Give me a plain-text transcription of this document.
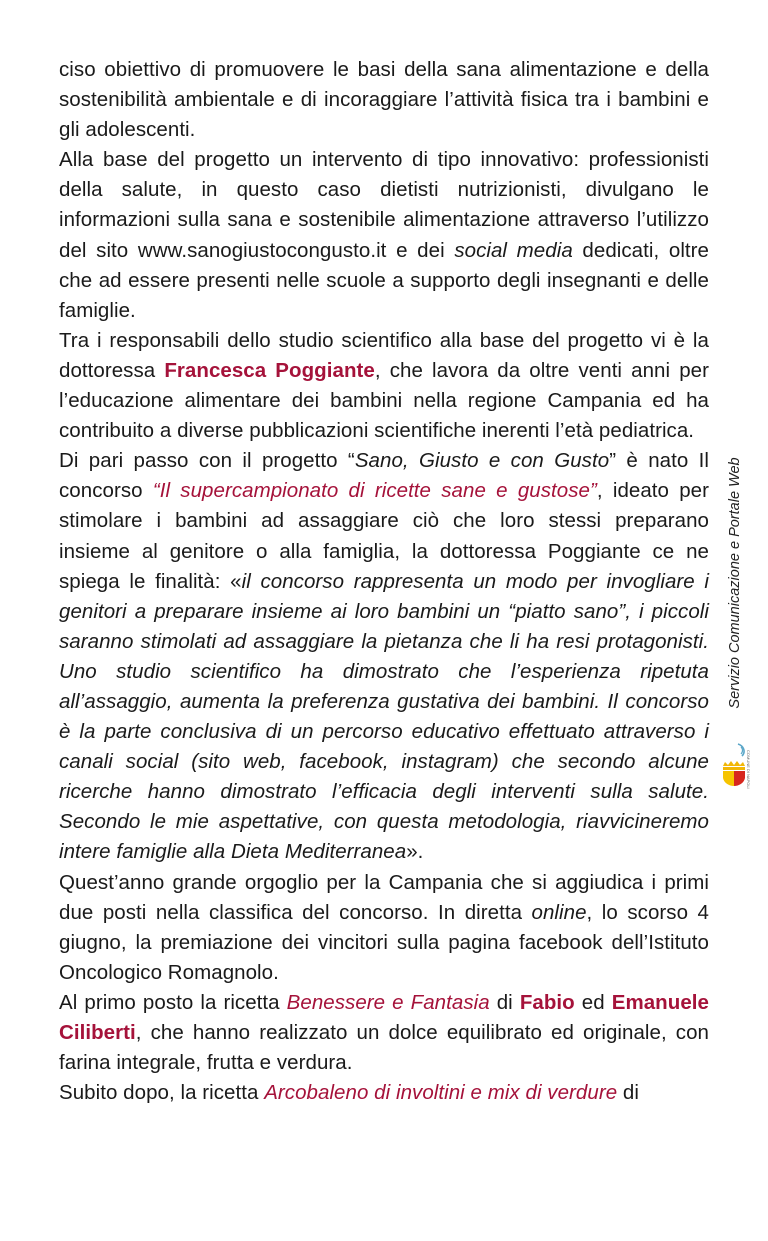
ciso obiettivo di promuovere le basi della sana alimentazione e della sostenibilità ambientale e di incoraggiare l’attività fisica tra i bambini e gli adolescenti.

Alla base del progetto un intervento di tipo innovativo: professionisti della salute, in questo caso dietisti nutrizionisti, divulgano le informazioni sulla sana e sostenibile alimentazione attraverso l’utilizzo del sito www.sanogiustocongusto.it e dei social media dedicati, oltre che ad essere presenti nelle scuole a supporto degli insegnanti e delle famiglie.

Tra i responsabili dello studio scientifico alla base del progetto vi è la dottoressa Francesca Poggiante, che lavora da oltre venti anni per l’educazione alimentare dei bambini nella regione Campania ed ha contribuito a diverse pubblicazioni scientifiche inerenti l’età pediatrica.

Di pari passo con il progetto “Sano, Giusto e con Gusto” è nato Il concorso “Il supercampionato di ricette sane e gustose”, ideato per stimolare i bambini ad assaggiare ciò che loro stessi preparano insieme al genitore o alla famiglia, la dottoressa Poggiante ce ne spiega le finalità: «il concorso rappresenta un modo per invogliare i genitori a preparare insieme ai loro bambini un “piatto sano”, i piccoli saranno stimolati ad assaggiare la pietanza che li ha resi protagonisti. Uno studio scientifico ha dimostrato che l’esperienza ripetuta all’assaggio, aumenta la preferenza gustativa dei bambini. Il concorso è la parte conclusiva di un percorso educativo effettuato attraverso i canali social (sito web, facebook, instagram) che secondo alcune ricerche hanno dimostrato l’efficacia degli interventi sulla salute. Secondo le mie aspettative, con questa metodologia, riavvicineremo intere famiglie alla Dieta Mediterranea».

Quest’anno grande orgoglio per la Campania che si aggiudica i primi due posti nella classifica del concorso. In diretta online, lo scorso 4 giugno, la premiazione dei vincitori sulla pagina facebook dell’Istituto Oncologico Romagnolo.

Al primo posto la ricetta Benessere e Fantasia di Fabio ed Emanuele Ciliberti, che hanno realizzato un dolce equilibrato ed originale, con farina integrale, frutta e verdura.

Subito dopo, la ricetta Arcobaleno di involtini e mix di verdure di

Servizio Comunicazione e Portale Web
COMUNE DI NAPOLI
